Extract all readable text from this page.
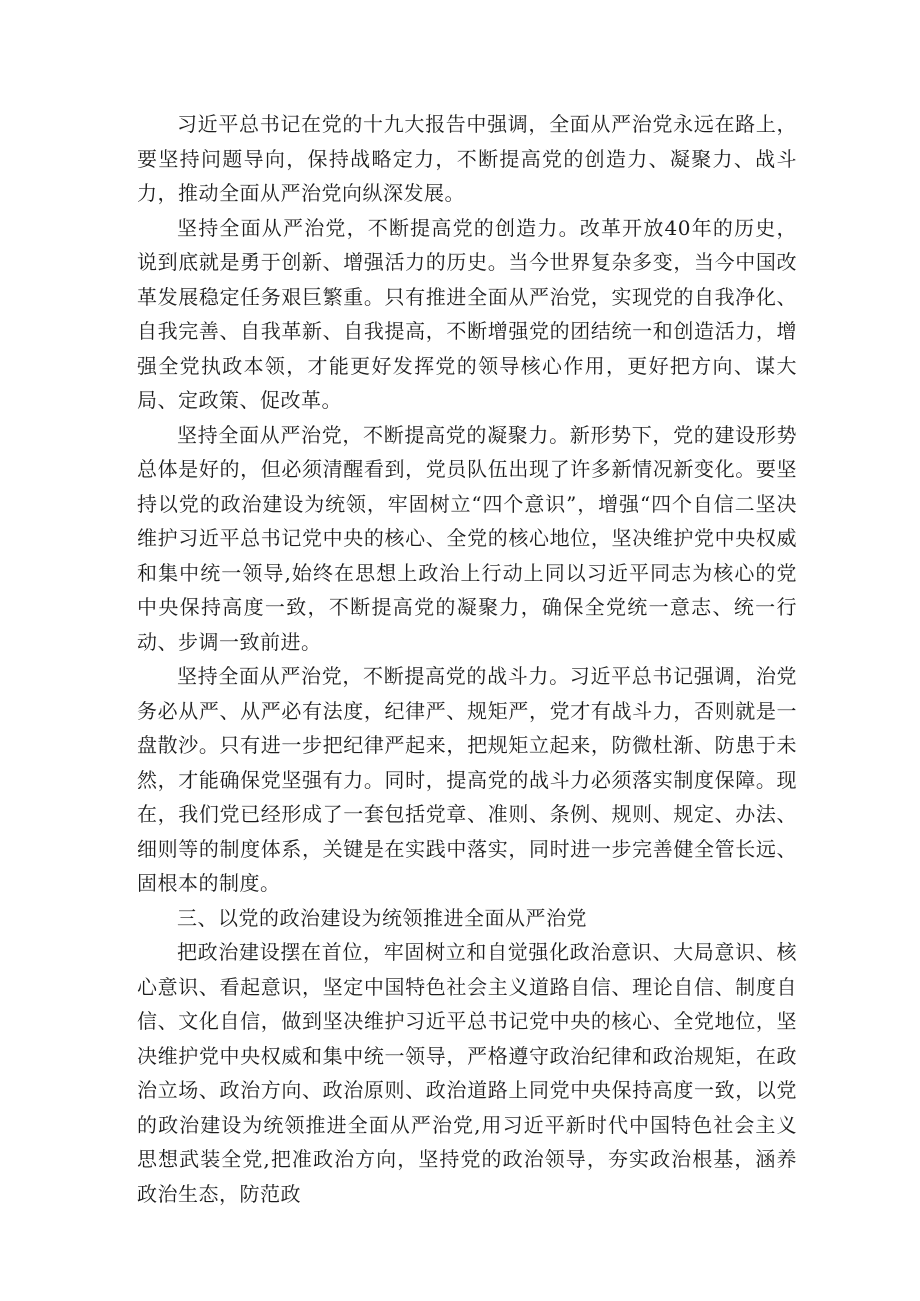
习近平总书记在党的十九大报告中强调，全面从严治党永远在路上，要坚持问题导向，保持战略定力，不断提高党的创造力、凝聚力、战斗力，推动全面从严治党向纵深发展。

坚持全面从严治党，不断提高党的创造力。改革开放40年的历史，说到底就是勇于创新、增强活力的历史。当今世界复杂多变，当今中国改革发展稳定任务艰巨繁重。只有推进全面从严治党，实现党的自我净化、自我完善、自我革新、自我提高，不断增强党的团结统一和创造活力，增强全党执政本领，才能更好发挥党的领导核心作用，更好把方向、谋大局、定政策、促改革。

坚持全面从严治党，不断提高党的凝聚力。新形势下，党的建设形势总体是好的，但必须清醒看到，党员队伍出现了许多新情况新变化。要坚持以党的政治建设为统领，牢固树立“四个意识”，增强“四个自信二坚决维护习近平总书记党中央的核心、全党的核心地位，坚决维护党中央权威和集中统一领导,始终在思想上政治上行动上同以习近平同志为核心的党中央保持高度一致，不断提高党的凝聚力，确保全党统一意志、统一行动、步调一致前进。

坚持全面从严治党，不断提高党的战斗力。习近平总书记强调，治党务必从严、从严必有法度，纪律严、规矩严，党才有战斗力，否则就是一盘散沙。只有进一步把纪律严起来，把规矩立起来，防微杜渐、防患于未然，才能确保党坚强有力。同时，提高党的战斗力必须落实制度保障。现在，我们党已经形成了一套包括党章、准则、条例、规则、规定、办法、细则等的制度体系，关键是在实践中落实，同时进一步完善健全管长远、固根本的制度。

三、以党的政治建设为统领推进全面从严治党

把政治建设摆在首位，牢固树立和自觉强化政治意识、大局意识、核心意识、看起意识，坚定中国特色社会主义道路自信、理论自信、制度自信、文化自信，做到坚决维护习近平总书记党中央的核心、全党地位，坚决维护党中央权威和集中统一领导，严格遵守政治纪律和政治规矩，在政治立场、政治方向、政治原则、政治道路上同党中央保持高度一致，以党的政治建设为统领推进全面从严治党,用习近平新时代中国特色社会主义思想武装全党,把准政治方向，坚持党的政治领导，夯实政治根基，涵养政治生态，防范政
